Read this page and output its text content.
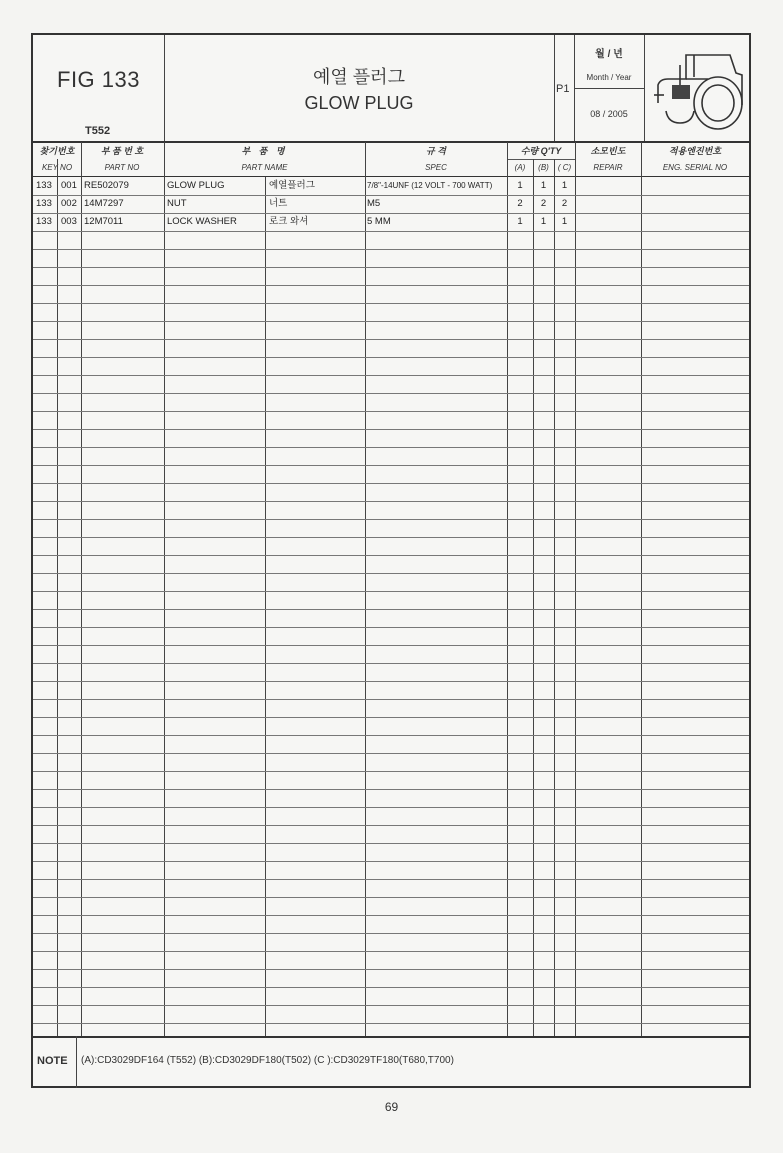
FIG 133
T552
예열 플러그
GLOW PLUG
P1
월 / 년
Month / Year
08 / 2005
찾기번호
KEY NO
부 품 번 호
PART NO
부 품 명
PART NAME
규 격
SPEC
수량 Q'TY
(A)	(B)	( C)
소모빈도
REPAIR
적용엔진번호
ENG. SERIAL NO
133 001 RE502079	GLOW PLUG	예열플러그	7/8"-14UNF (12 VOLT - 700 WATT)	1	1	1
133 002 14M7297	NUT	너트	M5	2	2	2
133 003 12M7011	LOCK WASHER	로크 와셔	5 MM	1	1	1
NOTE (A):CD3029DF164 (T552) (B):CD3029DF180(T502) (C ):CD3029TF180(T680,T700)
69
